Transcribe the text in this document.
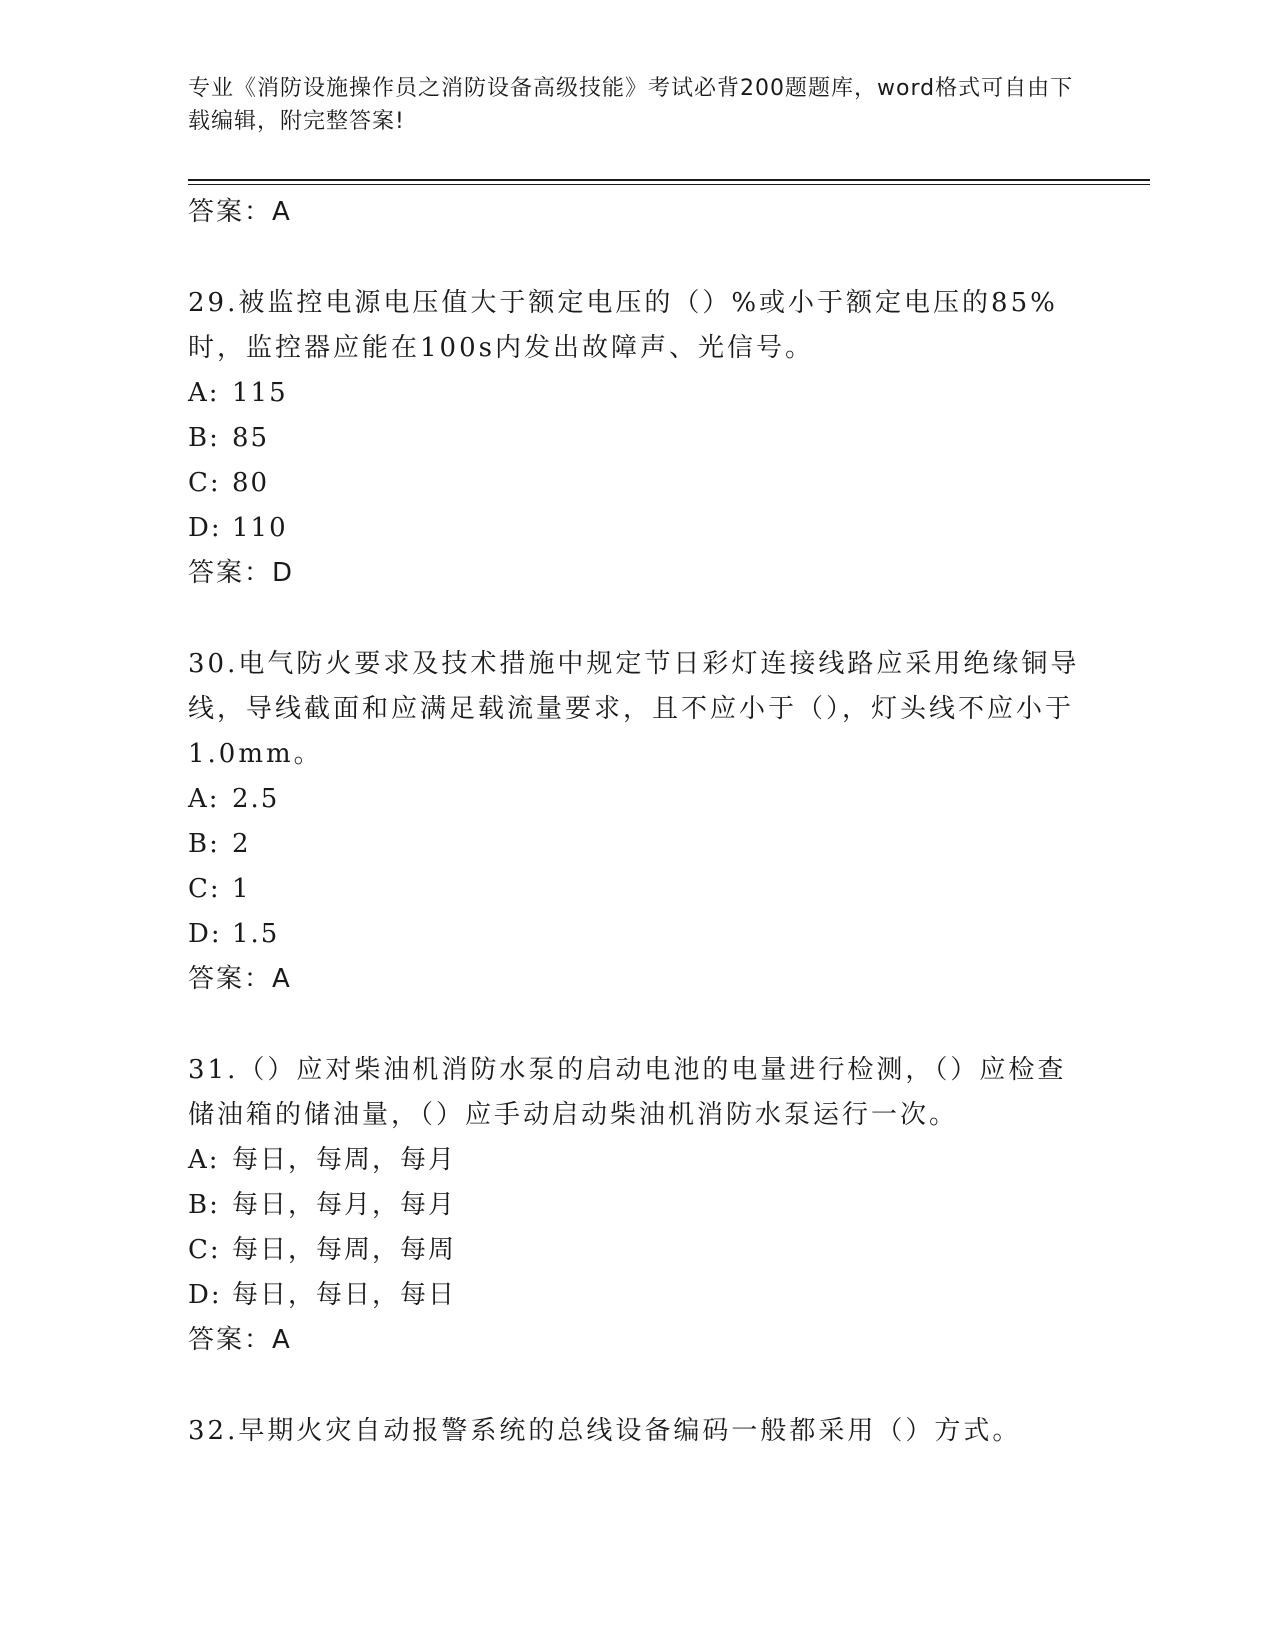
专业《消防设施操作员之消防设备高级技能》考试必背200题题库，word格式可自由下载编辑，附完整答案!
答案：A

29.被监控电源电压值大于额定电压的（）%或小于额定电压的85%时，监控器应能在100s内发出故障声、光信号。

A: 115
B: 85
C: 80
D: 110
答案：D

30.电气防火要求及技术措施中规定节日彩灯连接线路应采用绝缘铜导线，导线截面和应满足载流量要求，且不应小于（），灯头线不应小于1.0mm。

A: 2.5
B: 2
C: 1
D: 1.5
答案：A

31.（）应对柴油机消防水泵的启动电池的电量进行检测，（）应检查储油箱的储油量，（）应手动启动柴油机消防水泵运行一次。

A: 每日，每周，每月
B: 每日，每月，每月
C: 每日，每周，每周
D: 每日，每日，每日
答案：A

32.早期火灾自动报警系统的总线设备编码一般都采用（）方式。
